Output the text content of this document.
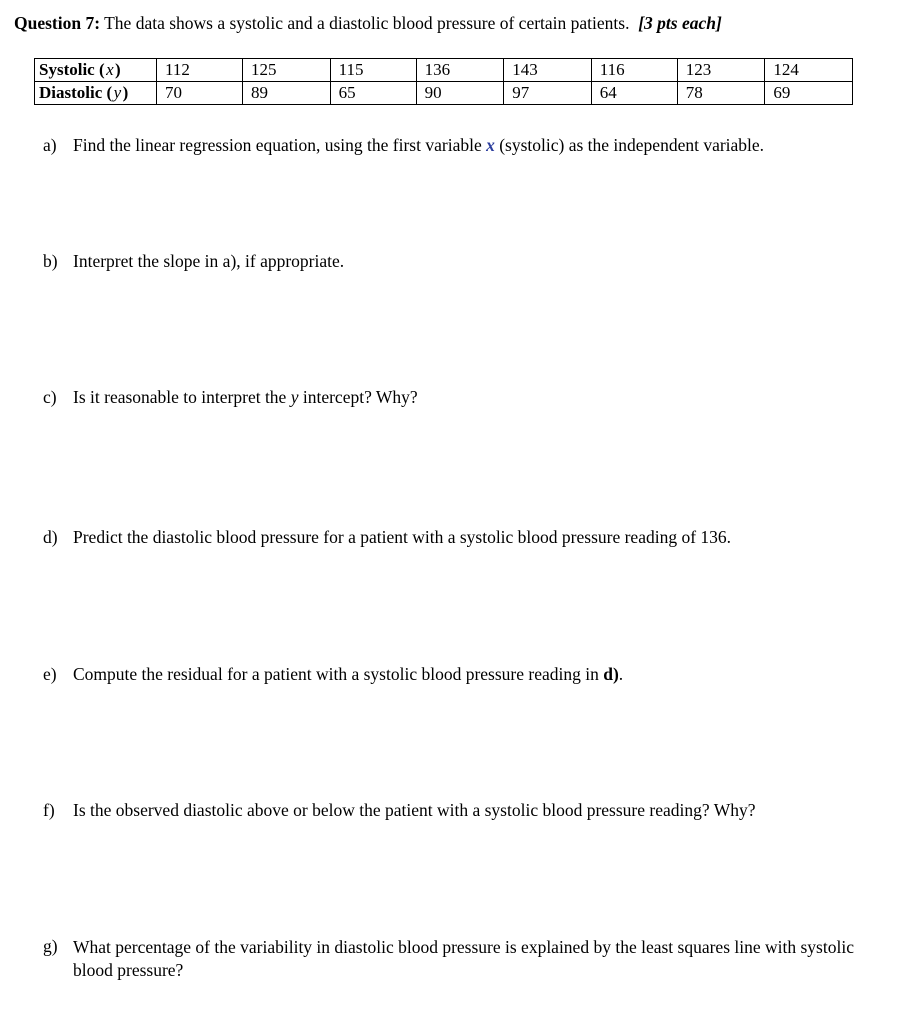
Question 7: The data shows a systolic and a diastolic blood pressure of certain patients. [3 pts each]
Systolic ( x )	112	125	115	136	143	116	123	124
Diastolic ( y )	70	89	65	90	97	64	78	69
a) Find the linear regression equation, using the first variable x (systolic) as the independent variable.
b) Interpret the slope in a), if appropriate.
c) Is it reasonable to interpret the y intercept? Why?
d) Predict the diastolic blood pressure for a patient with a systolic blood pressure reading of 136.
e) Compute the residual for a patient with a systolic blood pressure reading in d).
f) Is the observed diastolic above or below the patient with a systolic blood pressure reading? Why?
g) What percentage of the variability in diastolic blood pressure is explained by the least squares line with systolic blood pressure?
